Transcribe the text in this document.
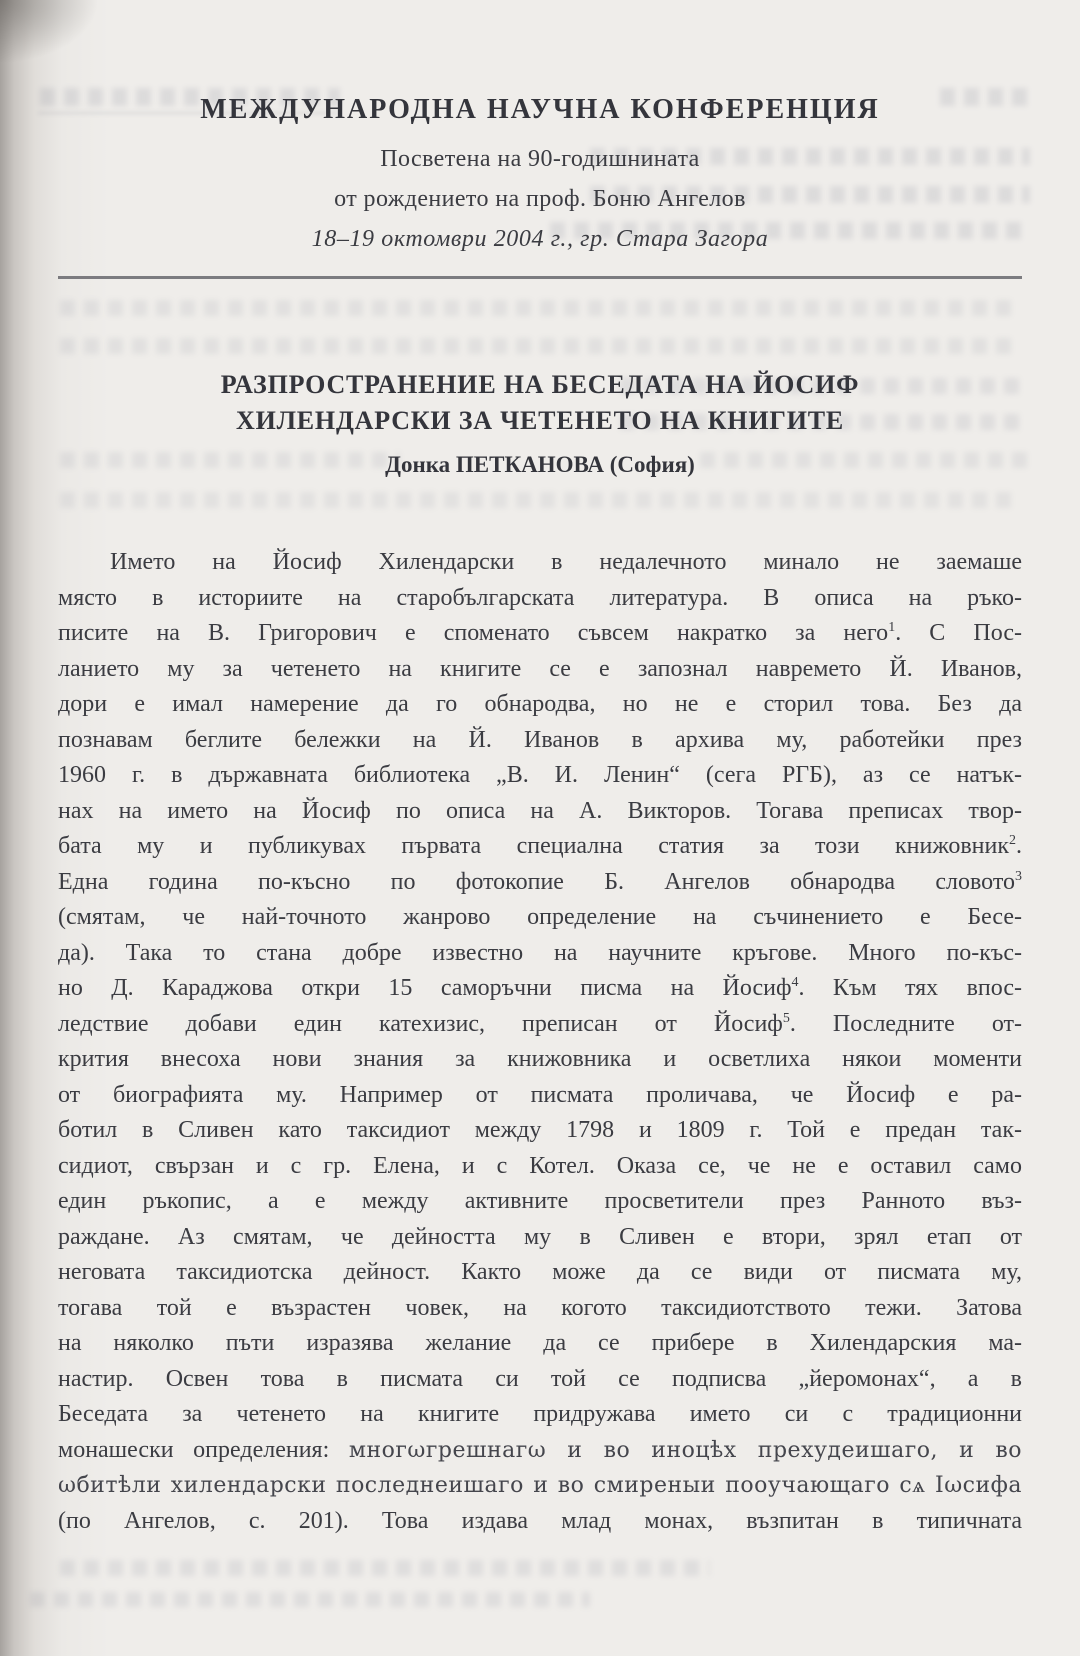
МЕЖДУНАРОДНА НАУЧНА КОНФЕРЕНЦИЯ
Посветена на 90-годишнината
от рождението на проф. Боню Ангелов
18–19 октомври 2004 г., гр. Стара Загора
РАЗПРОСТРАНЕНИЕ НА БЕСЕДАТА НА ЙОСИФ
ХИЛЕНДАРСКИ ЗА ЧЕТЕНЕТО НА КНИГИТЕ
Донка ПЕТКАНОВА (София)
Името на Йосиф Хилендарски в недалечното минало не заемаше
място в историите на старобългарската литература. В описа на ръко-
писите на В. Григорович е споменато съвсем накратко за него$^1$. С Пос-
ланието му за четенето на книгите се е запознал навремето Й. Иванов,
дори е имал намерение да го обнародва, но не е сторил това. Без да
познавам беглите бележки на Й. Иванов в архива му, работейки през
1960 г. в държавната библиотека „В. И. Ленин“ (сега РГБ), аз се натък-
нах на името на Йосиф по описа на А. Викторов. Тогава преписах твор-
бата му и публикувах първата специална статия за този книжовник$^2$.
Една година по-късно по фотокопие Б. Ангелов обнародва словото$^3$
(смятам, че най-точното жанрово определение на съчинението е Бесе-
да). Така то стана добре известно на научните кръгове. Много по-къс-
но Д. Караджова откри 15 саморъчни писма на Йосиф$^4$. Към тях впос-
ледствие добави един катехизис, преписан от Йосиф$^5$. Последните от-
крития внесоха нови знания за книжовника и осветлиха някои моменти
от биографията му. Например от писмата проличава, че Йосиф е ра-
ботил в Сливен като таксидиот между 1798 и 1809 г. Той е предан так-
сидиот, свързан и с гр. Елена, и с Котел. Оказа се, че не е оставил само
един ръкопис, а е между активните просветители през Ранното въз-
раждане. Аз смятам, че дейността му в Сливен е втори, зрял етап от
неговата таксидиотска дейност. Както може да се види от писмата му,
тогава той е възрастен човек, на когото таксидиотството тежи. Затова
на няколко пъти изразява желание да се прибере в Хилендарския ма-
настир. Освен това в писмата си той се подписва „йеромонах“, а в
Беседата за четенето на книгите придружава името си с традиционни
монашески определения: многωгрешнагω и во иноцѣх прехудеишаго, и во
ωбитѣли хилендарски последнеишаго и во смиреныи пооучающаго сѧ Іωсифа
(по Ангелов, с. 201). Това издава млад монах, възпитан в типичната
